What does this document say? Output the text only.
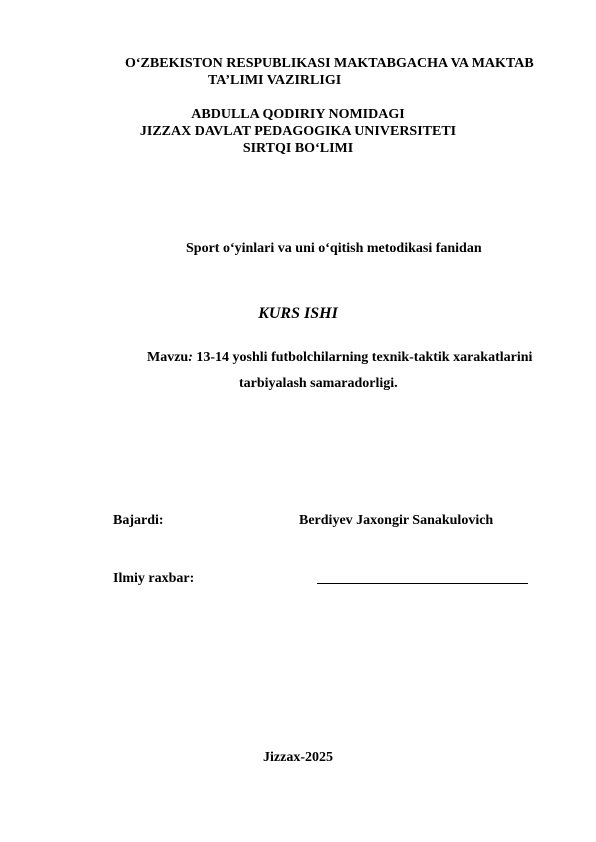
O‘ZBEKISTON RESPUBLIKASI MAKTABGACHA VA MAKTAB
TA’LIMI VAZIRLIGI
ABDULLA QODIRIY NOMIDAGI
JIZZAX DAVLAT PEDAGOGIKA UNIVERSITETI
SIRTQI BO‘LIMI
Sport o‘yinlari va uni o‘qitish metodikasi fanidan
KURS ISHI
Mavzu: 13-14 yoshli futbolchilarning texnik-taktik xarakatlarini
tarbiyalash samaradorligi.
Bajardi:	Berdiyev Jaxongir Sanakulovich
Ilmiy raxbar:
Jizzax-2025
